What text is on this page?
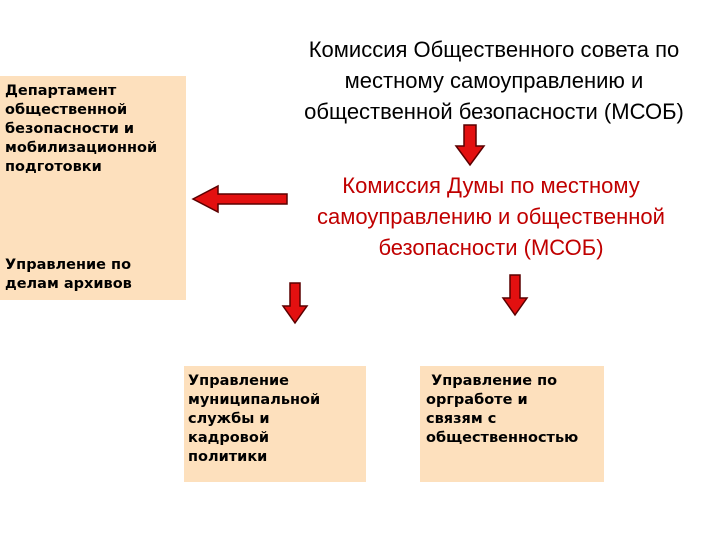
Департамент
общественной
безопасности и
мобилизационной
подготовки
Управление по
делам архивов
Комиссия Общественного совета по местному самоуправлению и общественной безопасности (МСОБ)
Комиссия Думы по местному самоуправлению и общественной безопасности (МСОБ)
Управление
муниципальной
службы и
кадровой
политики
Управление по
оргработе и
связям с
общественностью
